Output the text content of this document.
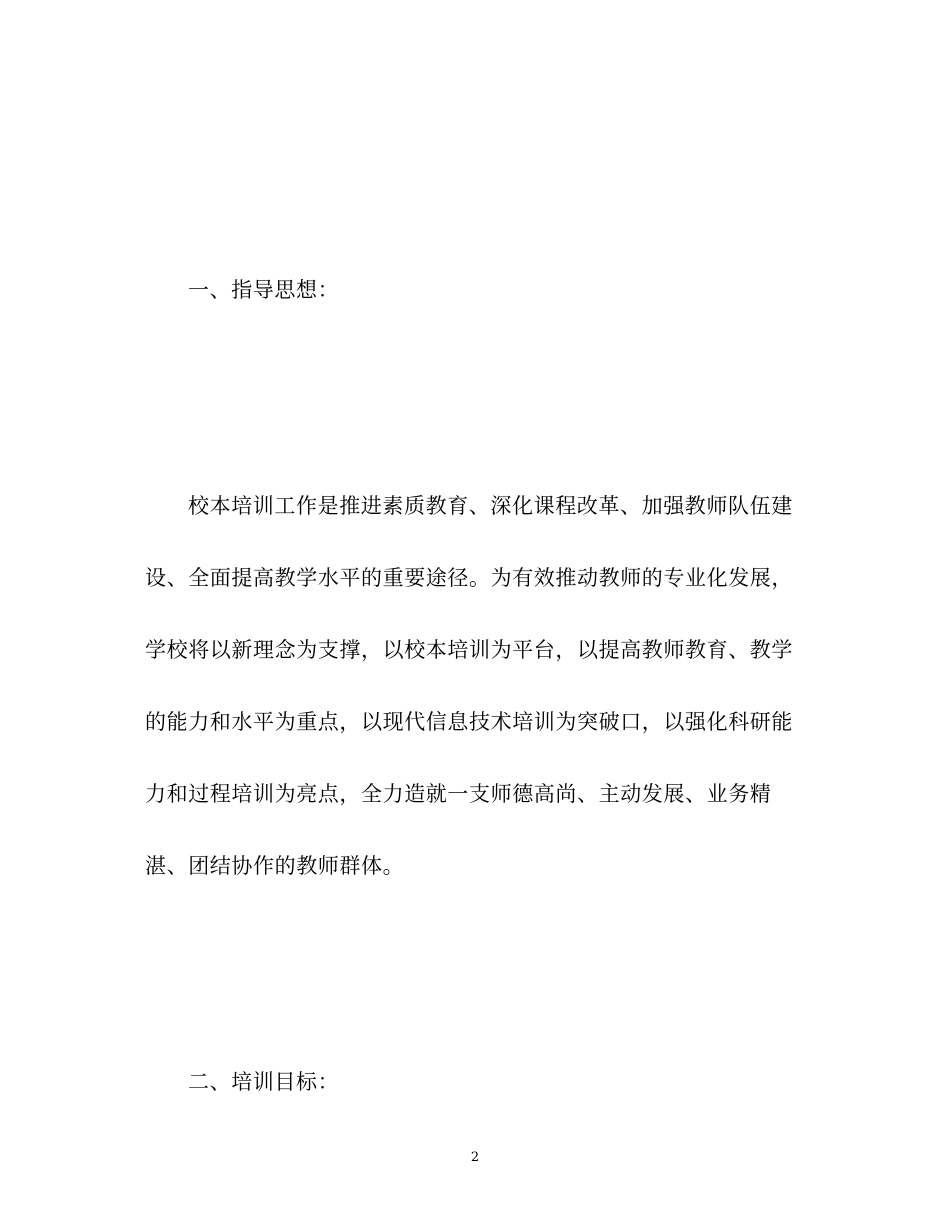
一、指导思想：
校本培训工作是推进素质教育、深化课程改革、加强教师队伍建
设、全面提高教学水平的重要途径。为有效推动教师的专业化发展，
学校将以新理念为支撑，以校本培训为平台，以提高教师教育、教学
的能力和水平为重点，以现代信息技术培训为突破口，以强化科研能
力和过程培训为亮点，全力造就一支师德高尚、主动发展、业务精
湛、团结协作的教师群体。
二、培训目标：
2
